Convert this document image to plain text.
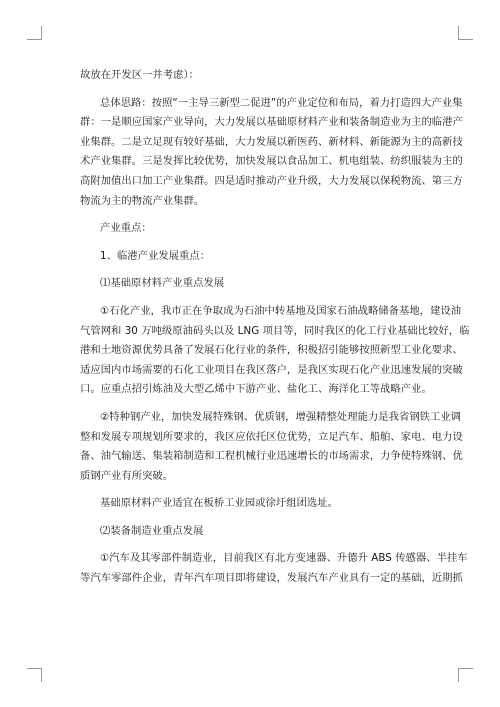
故放在开发区一并考虑）：
总体思路：按照“一主导三新型二促进”的产业定位和布局，着力打造四大产业集
群：一是顺应国家产业导向，大力发展以基础原材料产业和装备制造业为主的临港产
业集群。二是立足现有较好基础，大力发展以新医药、新材料、新能源为主的高新技
术产业集群。三是发挥比较优势，加快发展以食品加工、机电组装、纺织服装为主的
高附加值出口加工产业集群。四是适时推动产业升级，大力发展以保税物流、第三方
物流为主的物流产业集群。
产业重点：
1、临港产业发展重点：
⑴基础原材料产业重点发展
①石化产业，我市正在争取成为石油中转基地及国家石油战略储备基地，建设油
气管网和 30 万吨级原油码头以及 LNG 项目等，同时我区的化工行业基础比较好，临
港和土地资源优势具备了发展石化行业的条件，积极招引能够按照新型工业化要求、
适应国内市场需要的石化工业项目在我区落户，是我区实现石化产业迅速发展的突破
口。应重点招引炼油及大型乙烯中下游产业、盐化工、海洋化工等战略产业。
②特种钢产业，加快发展特殊钢、优质钢，增强精整处理能力是我省钢铁工业调
整和发展专项规划所要求的，我区应依托区位优势，立足汽车、船舶、家电、电力设
备、油气输送、集装箱制造和工程机械行业迅速增长的市场需求，力争使特殊钢、优
质钢产业有所突破。
基础原材料产业适宜在板桥工业园或徐圩组团选址。
⑵装备制造业重点发展
①汽车及其零部件制造业，目前我区有北方变速器、升德升 ABS 传感器、半挂车
等汽车零部件企业，青年汽车项目即将建设，发展汽车产业具有一定的基础，近期抓
